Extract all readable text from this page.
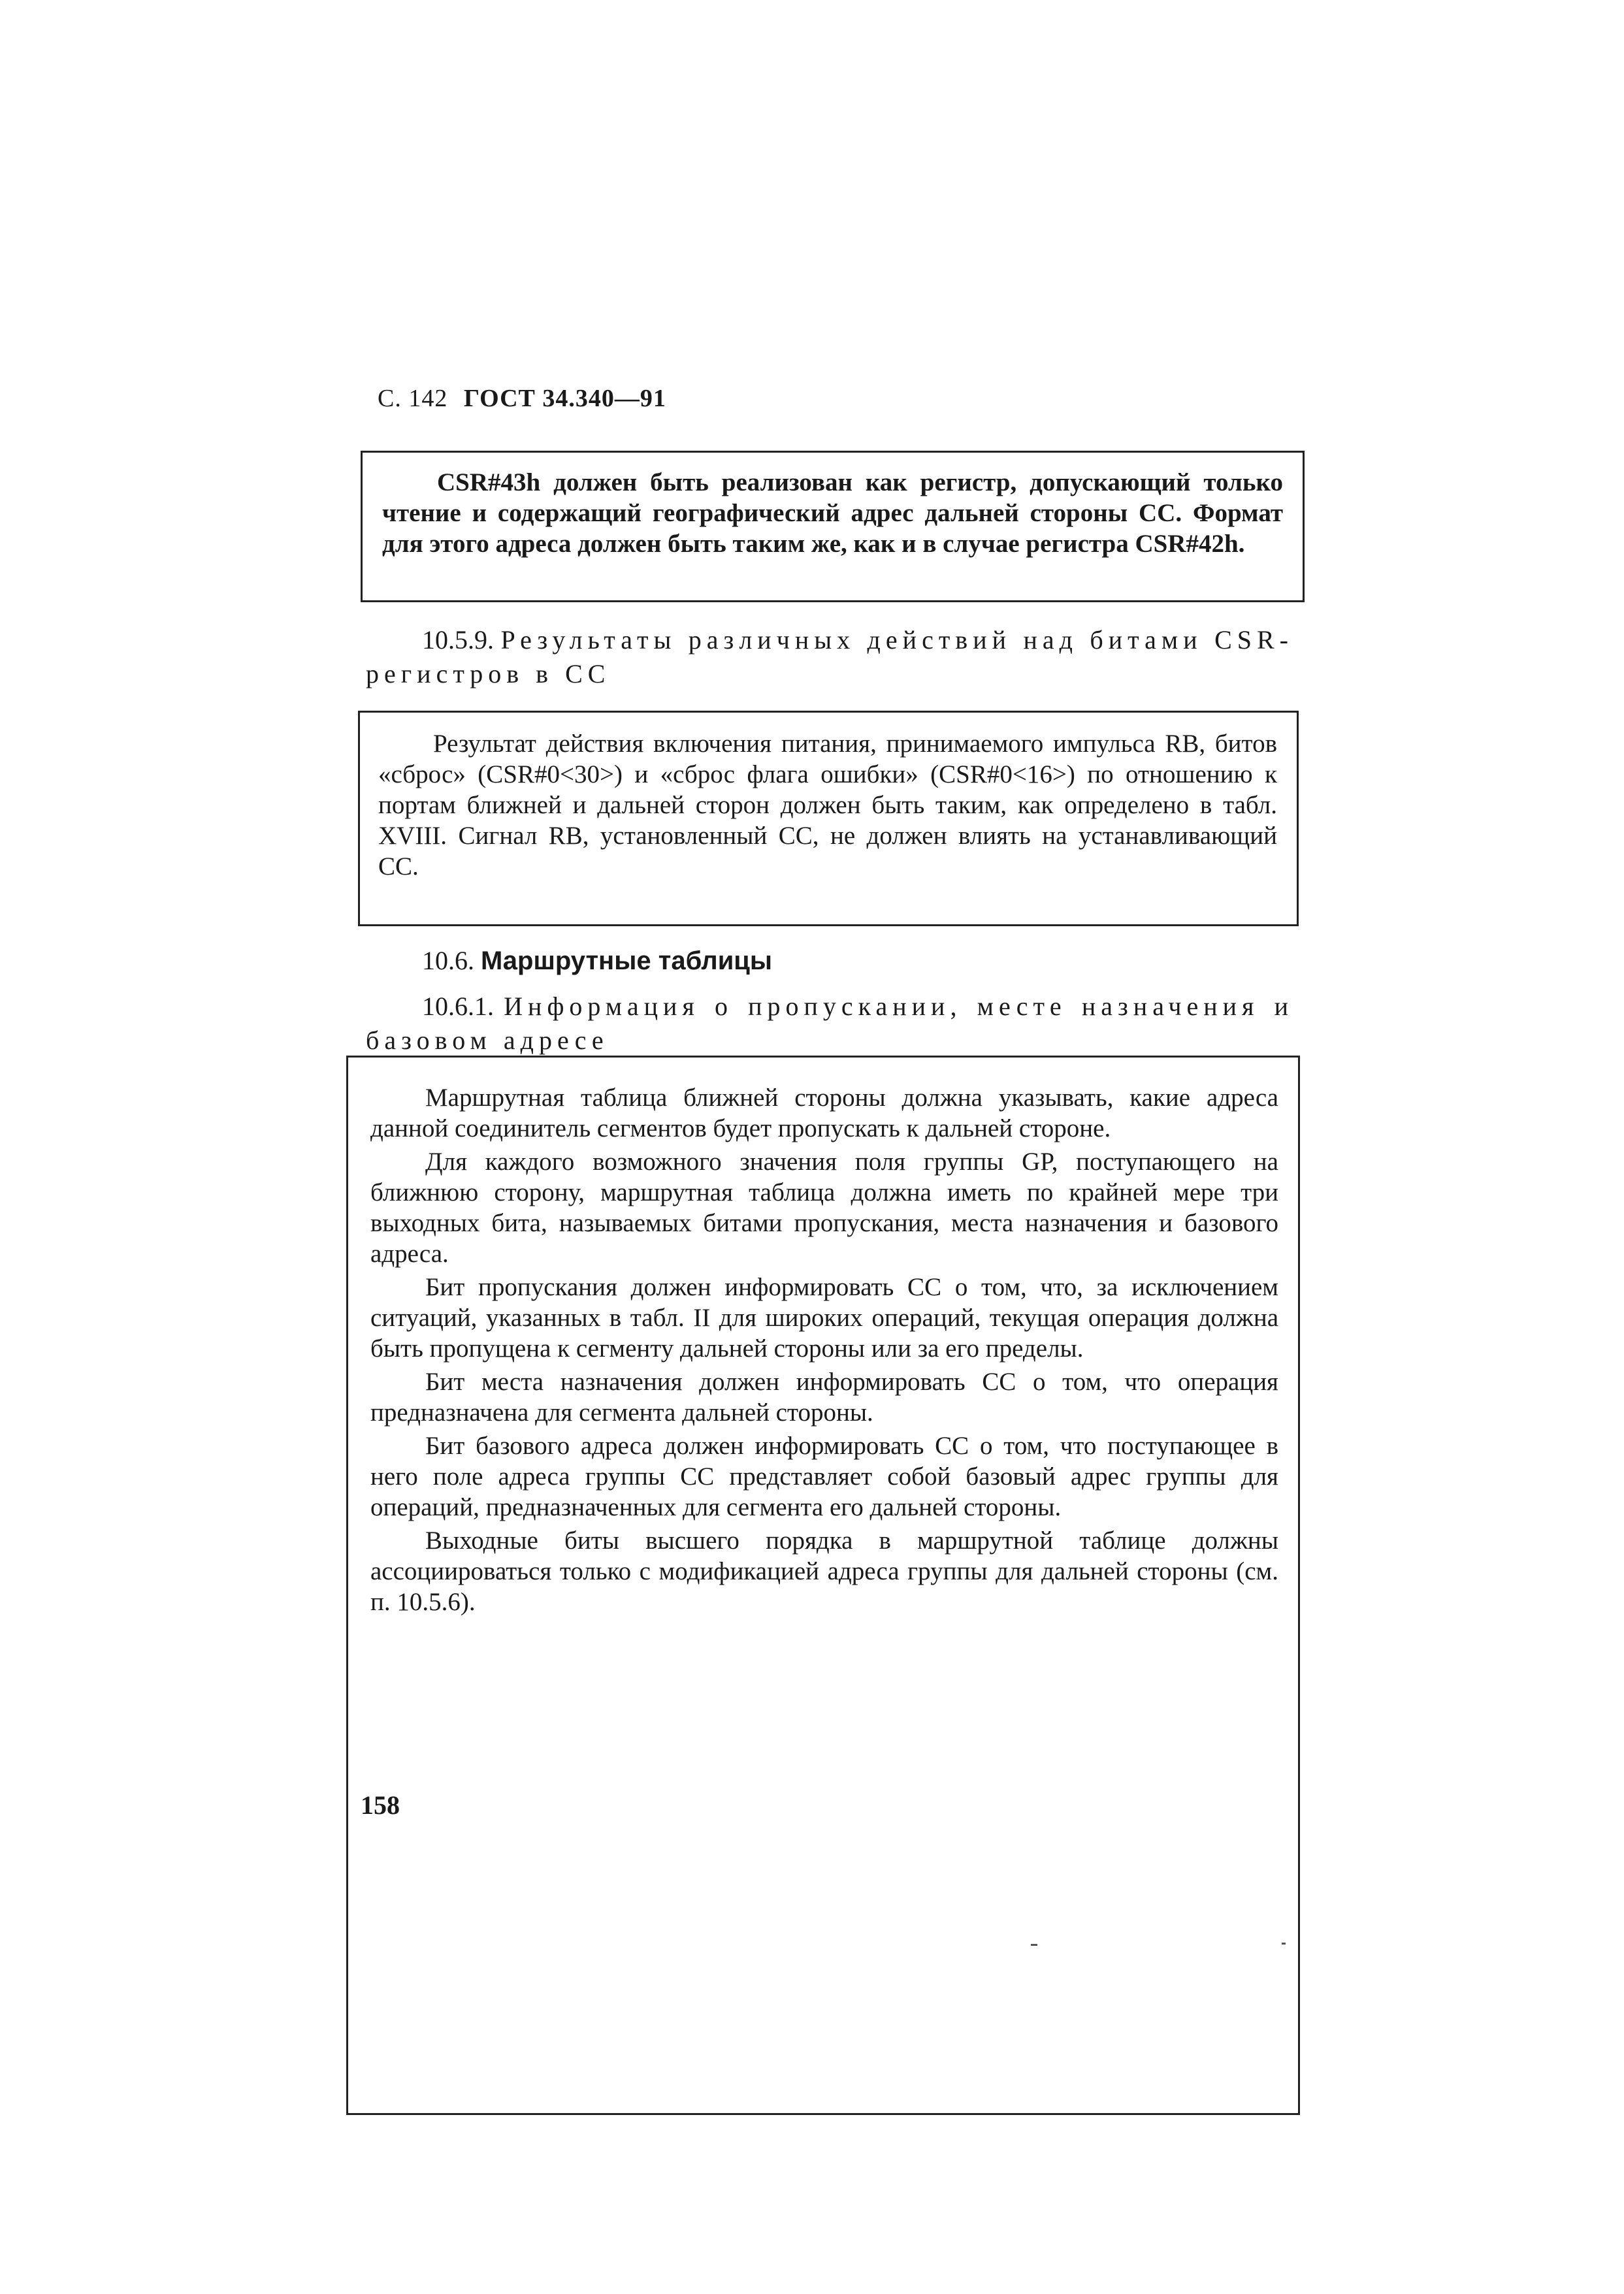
С. 142 ГОСТ 34.340—91

CSR#43h должен быть реализован как регистр, допускающий только чтение и содержащий географический адрес дальней стороны СС. Формат для этого адреса должен быть таким же, как и в случае регистра CSR#42h.

10.5.9. Результаты различных действий над битами CSR-регистров в СС

Результат действия включения питания, принимаемого импульса RB, битов «сброс» (CSR#0<30>) и «сброс флага ошибки» (CSR#0<16>) по отношению к портам ближней и дальней сторон должен быть таким, как определено в табл. XVIII. Сигнал RB, установленный СС, не должен влиять на устанавливающий СС.

10.6. Маршрутные таблицы
10.6.1. Информация о пропускании, месте назначения и базовом адресе

Маршрутная таблица ближней стороны должна указывать, какие адреса данной соединитель сегментов будет пропускать к дальней стороне.

Для каждого возможного значения поля группы GP, поступающего на ближнюю сторону, маршрутная таблица должна иметь по крайней мере три выходных бита, называемых битами пропускания, места назначения и базового адреса.

Бит пропускания должен информировать СС о том, что, за исключением ситуаций, указанных в табл. II для широких операций, текущая операция должна быть пропущена к сегменту дальней стороны или за его пределы.

Бит места назначения должен информировать СС о том, что операция предназначена для сегмента дальней стороны.

Бит базового адреса должен информировать СС о том, что поступающее в него поле адреса группы СС представляет собой базовый адрес группы для операций, предназначенных для сегмента его дальней стороны.

Выходные биты высшего порядка в маршрутной таблице должны ассоциироваться только с модификацией адреса группы для дальней стороны (см. п. 10.5.6).

158
